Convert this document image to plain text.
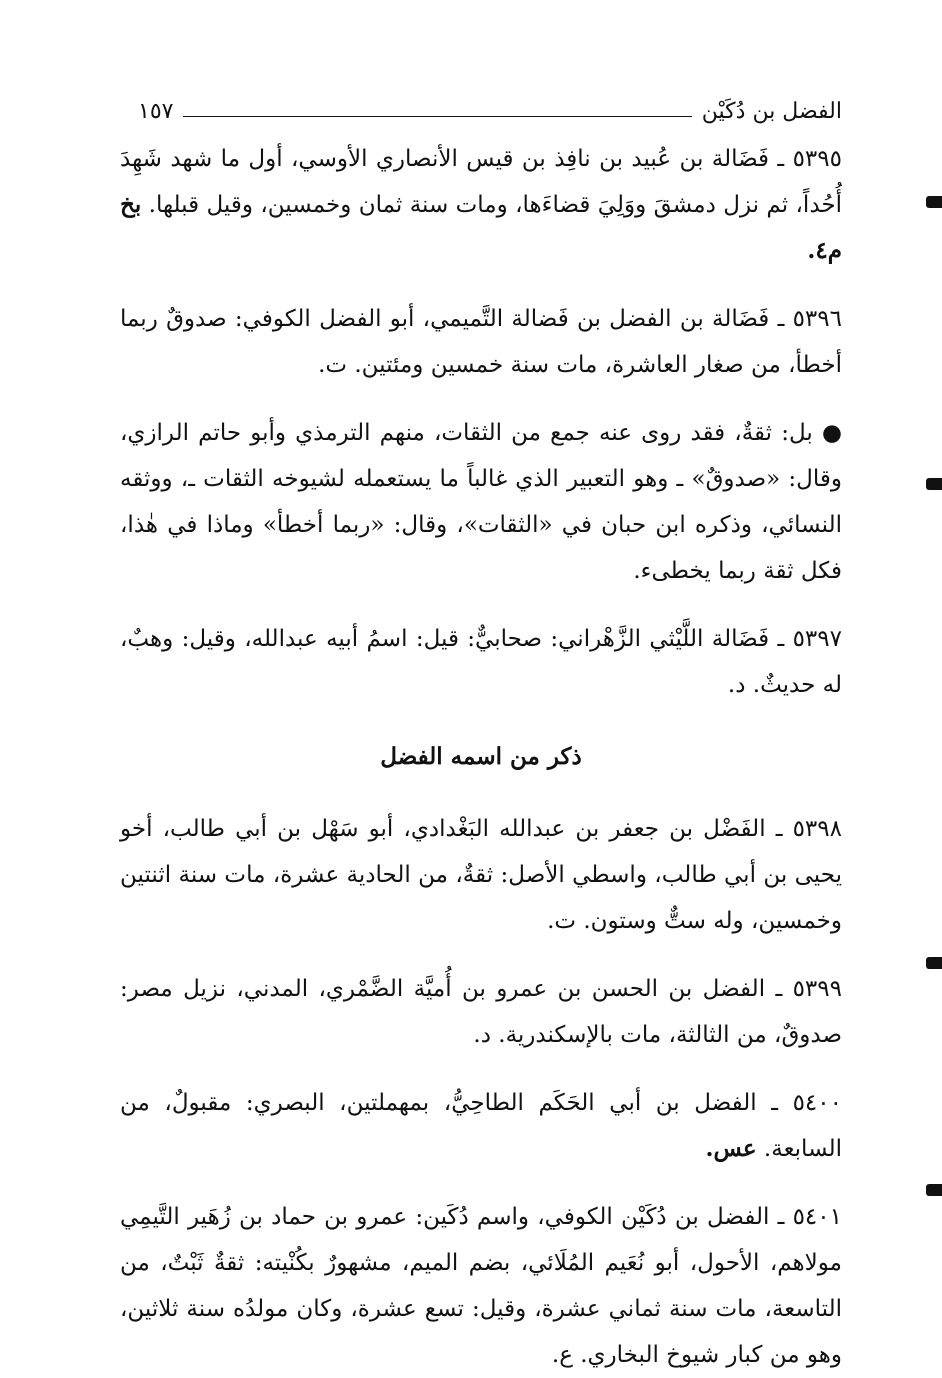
الفضل بن دُكَيْن
١٥٧

٥٣٩٥ ـ فَضَالة بن عُبيد بن نافِذ بن قيس الأنصاري الأوسي، أول ما شهد شَهِدَ أُحُداً، ثم نزل دمشقَ ووَلِيَ قضاءَها، ومات سنة ثمان وخمسين، وقيل قبلها. بخ م٤.

٥٣٩٦ ـ فَضَالة بن الفضل بن فَضالة التَّميمي، أبو الفضل الكوفي: صدوقٌ ربما أخطأ، من صغار العاشرة، مات سنة خمسين ومئتين. ت.

● بل: ثقةٌ، فقد روى عنه جمع من الثقات، منهم الترمذي وأبو حاتم الرازي، وقال: «صدوقٌ» ـ وهو التعبير الذي غالباً ما يستعمله لشيوخه الثقات ـ، ووثقه النسائي، وذكره ابن حبان في «الثقات»، وقال: «ربما أخطأ» وماذا في هٰذا، فكل ثقة ربما يخطىء.

٥٣٩٧ ـ فَضَالة اللَّيْثي الزَّهْراني: صحابيٌّ: قيل: اسمُ أبيه عبدالله، وقيل: وهبٌ، له حديثٌ. د.

ذكر من اسمه الفضل

٥٣٩٨ ـ الفَضْل بن جعفر بن عبدالله البَغْدادي، أبو سَهْل بن أبي طالب، أخو يحيى بن أبي طالب، واسطي الأصل: ثقةٌ، من الحادية عشرة، مات سنة اثنتين وخمسين، وله ستٌّ وستون. ت.

٥٣٩٩ ـ الفضل بن الحسن بن عمرو بن أُميَّة الضَّمْري، المدني، نزيل مصر: صدوقٌ، من الثالثة، مات بالإسكندرية. د.

٥٤٠٠ ـ الفضل بن أبي الحَكَم الطاحِيُّ، بمهملتين، البصري: مقبولٌ، من السابعة. عس.

٥٤٠١ ـ الفضل بن دُكَيْن الكوفي، واسم دُكَين: عمرو بن حماد بن زُهَير التَّيمِي مولاهم، الأحول، أبو نُعَيم المُلَائي، بضم الميم، مشهورٌ بكُنْيته: ثقةٌ ثَبْتٌ، من التاسعة، مات سنة ثماني عشرة، وقيل: تسع عشرة، وكان مولدُه سنة ثلاثين، وهو من كبار شيوخ البخاري. ع.
